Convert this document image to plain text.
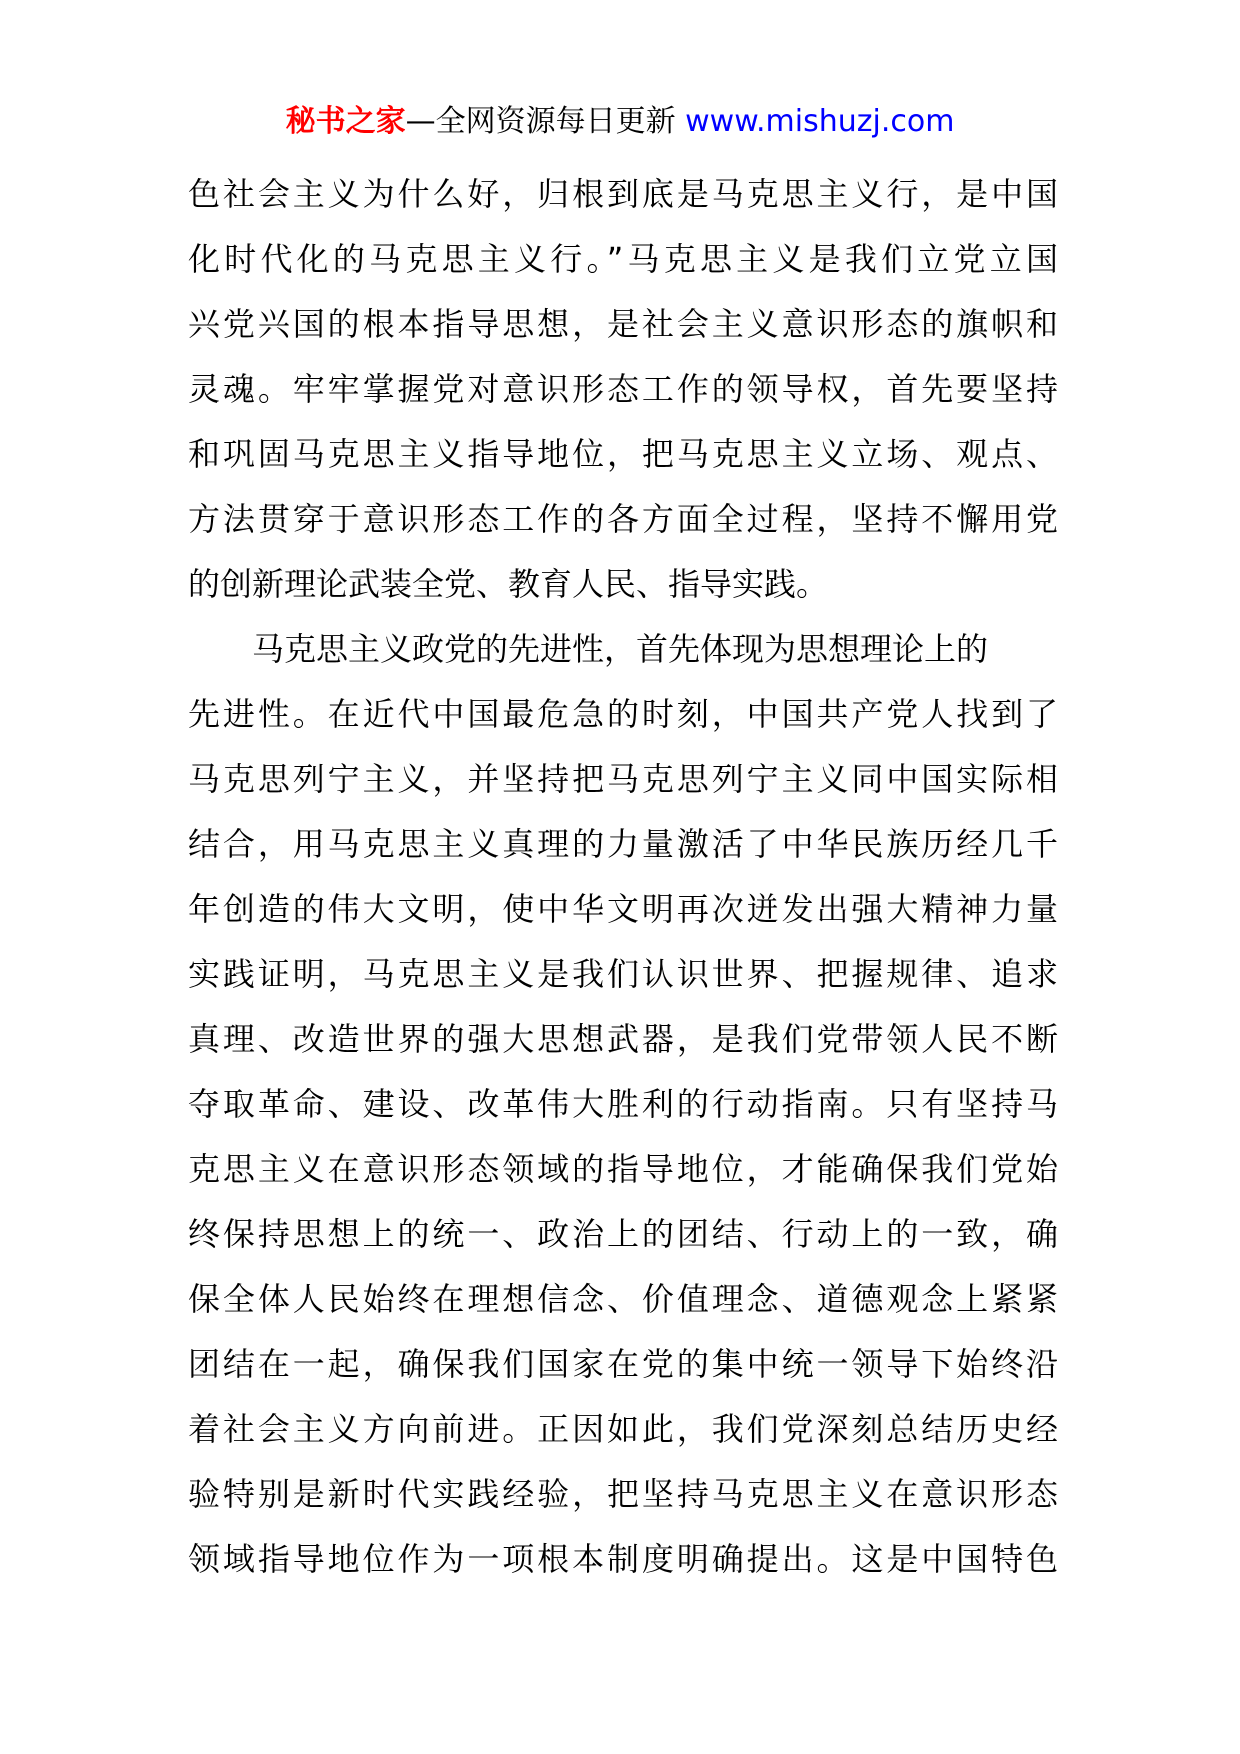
秘书之家—全网资源每日更新 www.mishuzj.com
色社会主义为什么好，归根到底是马克思主义行，是中国
化时代化的马克思主义行。”马克思主义是我们立党立国
兴党兴国的根本指导思想，是社会主义意识形态的旗帜和
灵魂。牢牢掌握党对意识形态工作的领导权，首先要坚持
和巩固马克思主义指导地位，把马克思主义立场、观点、
方法贯穿于意识形态工作的各方面全过程，坚持不懈用党
的创新理论武装全党、教育人民、指导实践。
马克思主义政党的先进性，首先体现为思想理论上的
先进性。在近代中国最危急的时刻，中国共产党人找到了
马克思列宁主义，并坚持把马克思列宁主义同中国实际相
结合，用马克思主义真理的力量激活了中华民族历经几千
年创造的伟大文明，使中华文明再次迸发出强大精神力量
实践证明，马克思主义是我们认识世界、把握规律、追求
真理、改造世界的强大思想武器，是我们党带领人民不断
夺取革命、建设、改革伟大胜利的行动指南。只有坚持马
克思主义在意识形态领域的指导地位，才能确保我们党始
终保持思想上的统一、政治上的团结、行动上的一致，确
保全体人民始终在理想信念、价值理念、道德观念上紧紧
团结在一起，确保我们国家在党的集中统一领导下始终沿
着社会主义方向前进。正因如此，我们党深刻总结历史经
验特别是新时代实践经验，把坚持马克思主义在意识形态
领域指导地位作为一项根本制度明确提出。这是中国特色
